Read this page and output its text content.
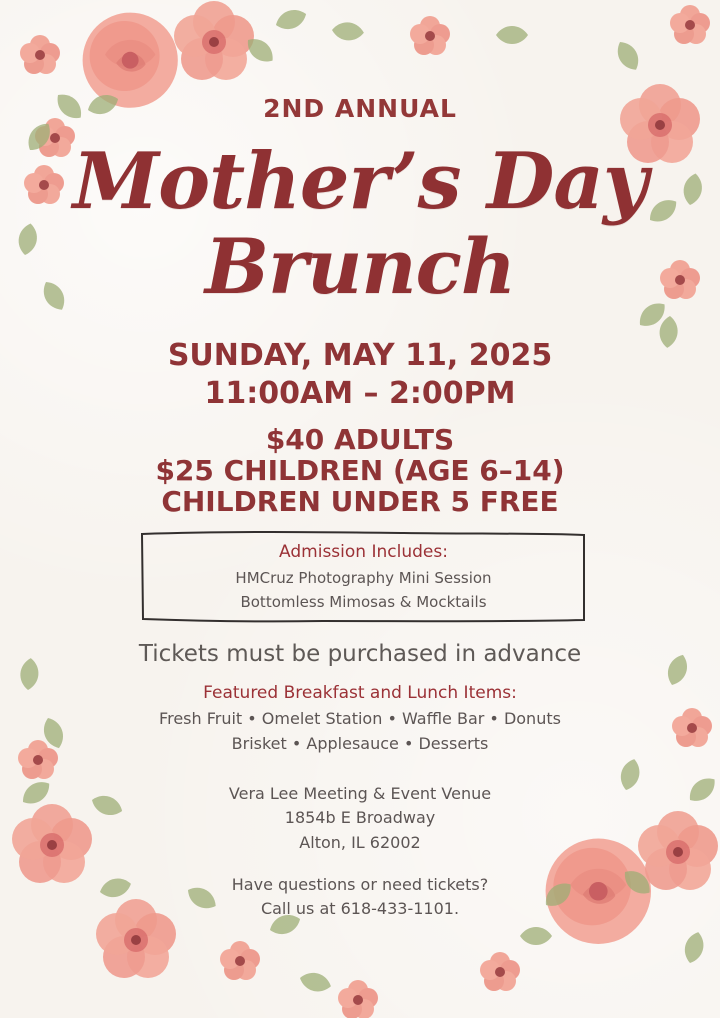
2ND ANNUAL
Mother’s Day
Brunch
SUNDAY, MAY 11, 2025
11:00AM – 2:00PM
$40 ADULTS
$25 CHILDREN (AGE 6–14)
CHILDREN UNDER 5 FREE
Admission Includes:
HMCruz Photography Mini Session
Bottomless Mimosas & Mocktails
Tickets must be purchased in advance
Featured Breakfast and Lunch Items:
Fresh Fruit • Omelet Station • Waffle Bar • Donuts
Brisket • Applesauce • Desserts
Vera Lee Meeting & Event Venue
1854b E Broadway
Alton, IL 62002
Have questions or need tickets?
Call us at 618-433-1101.
